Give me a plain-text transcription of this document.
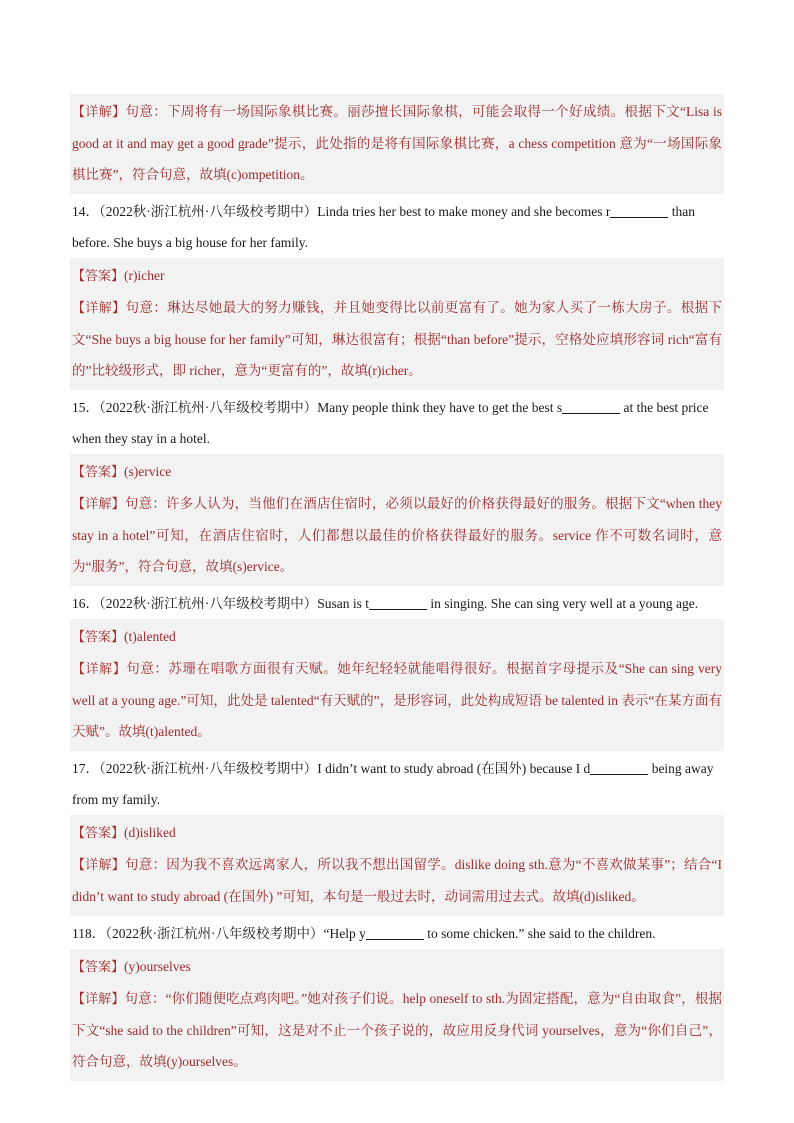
【详解】句意：下周将有一场国际象棋比赛。丽莎擅长国际象棋，可能会取得一个好成绩。根据下文“Lisa is good at it and may get a good grade”提示，此处指的是将有国际象棋比赛，a chess competition 意为“一场国际象棋比赛”，符合句意，故填(c)ompetition。

14．（2022秋·浙江杭州·八年级校考期中）Linda tries her best to make money and she becomes r	than before. She buys a big house for her family.

【答案】(r)icher

【详解】句意：琳达尽她最大的努力赚钱，并且她变得比以前更富有了。她为家人买了一栋大房子。根据下文“She buys a big house for her family”可知，琳达很富有；根据“than before”提示，空格处应填形容词 rich“富有的”比较级形式，即 richer，意为“更富有的”，故填(r)icher。

15．（2022秋·浙江杭州·八年级校考期中）Many people think they have to get the best s	at the best price when they stay in a hotel.

【答案】(s)ervice

【详解】句意：许多人认为，当他们在酒店住宿时，必须以最好的价格获得最好的服务。根据下文“when they stay in a hotel”可知，在酒店住宿时，人们都想以最佳的价格获得最好的服务。service 作不可数名词时，意为“服务”，符合句意，故填(s)ervice。

16．（2022秋·浙江杭州·八年级校考期中）Susan is t	in singing. She can sing very well at a young age.

【答案】(t)alented

【详解】句意：苏珊在唱歌方面很有天赋。她年纪轻轻就能唱得很好。根据首字母提示及“She can sing very well at a young age.”可知，此处是 talented“有天赋的”，是形容词，此处构成短语 be talented in 表示“在某方面有天赋”。故填(t)alented。

17．（2022秋·浙江杭州·八年级校考期中）I didn’t want to study abroad (在国外) because I d	being away from my family.

【答案】(d)isliked

【详解】句意：因为我不喜欢远离家人，所以我不想出国留学。dislike doing sth.意为“不喜欢做某事”；结合“I didn’t want to study abroad (在国外) ”可知，本句是一般过去时，动词需用过去式。故填(d)isliked。

118．（2022秋·浙江杭州·八年级校考期中）“Help y	to some chicken.” she said to the children.

【答案】(y)ourselves

【详解】句意：“你们随便吃点鸡肉吧。”她对孩子们说。help oneself to sth.为固定搭配，意为“自由取食”，根据下文“she said to the children”可知，这是对不止一个孩子说的，故应用反身代词 yourselves，意为“你们自己”，符合句意，故填(y)ourselves。
